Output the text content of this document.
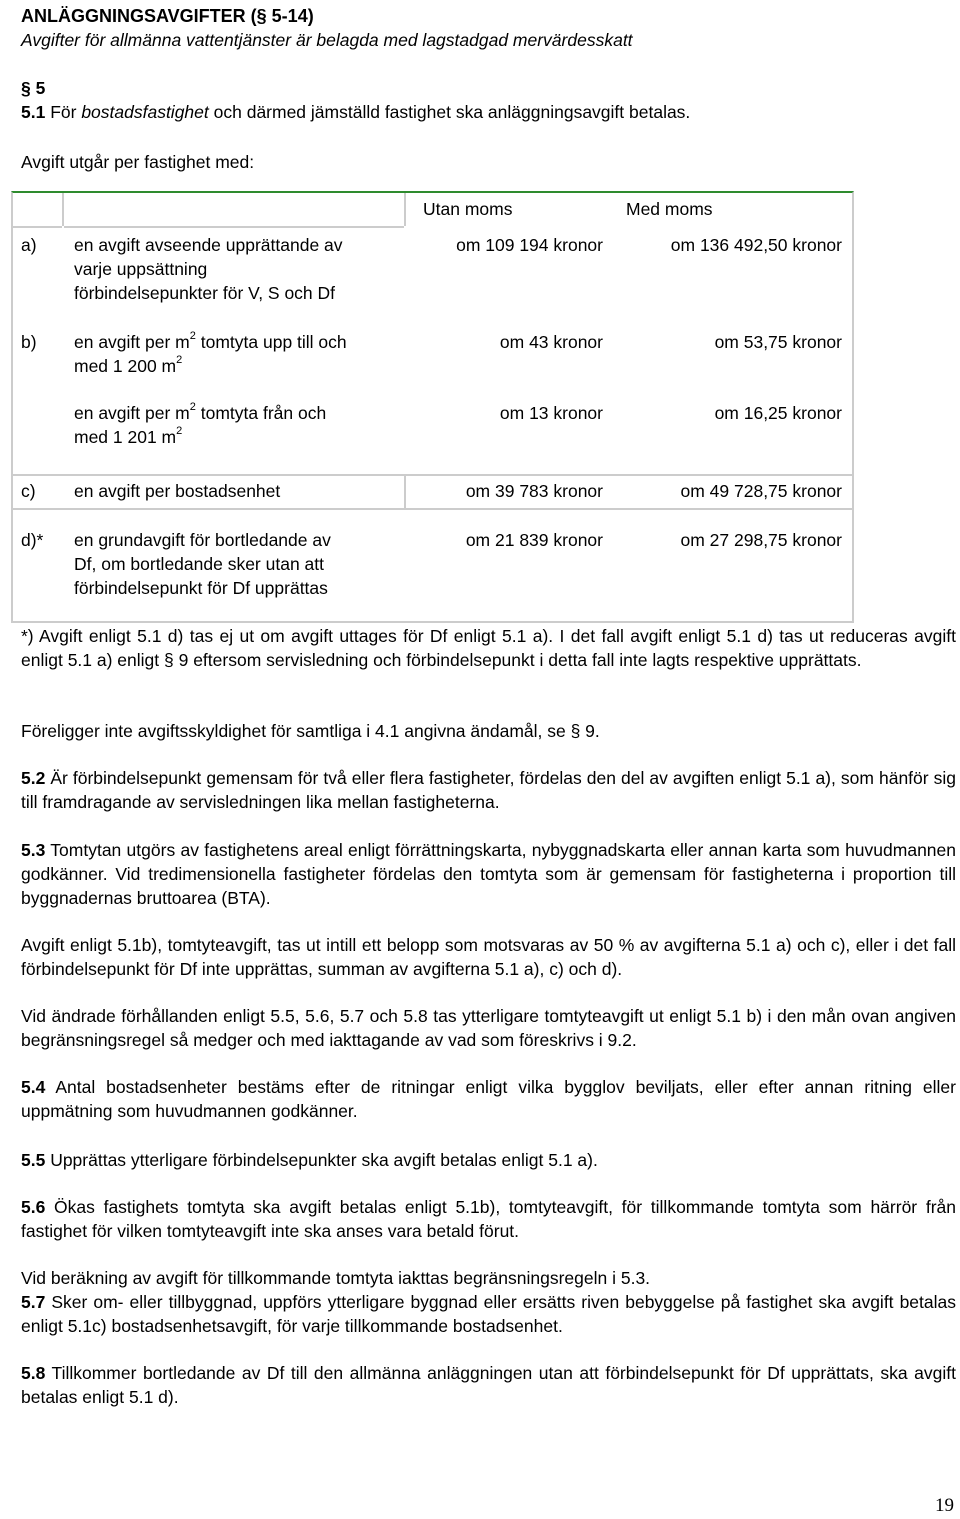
ANLÄGGNINGSAVGIFTER (§ 5-14)

Avgifter för allmänna vattentjänster är belagda med lagstadgad mervärdesskatt

§ 5

5.1 För bostadsfastighet och därmed jämställd fastighet ska anläggningsavgift betalas.

Avgift utgår per fastighet med:

Utan moms	Med moms
a) en avgift avseende upprättande av
varje uppsättning
förbindelsepunkter för V, S och Df
om 109 194 kronor	om 136 492,50 kronor
b) en avgift per $m^2$ tomtyta upp till och
med 1 200 $m^2$
om 43 kronor	om 53,75 kronor
en avgift per $m^2$ tomtyta från och
med 1 201 $m^2$
om 13 kronor	om 16,25 kronor
c) en avgift per bostadsenhet	om 39 783 kronor	om 49 728,75 kronor
d)* en grundavgift för bortledande av
Df, om bortledande sker utan att
förbindelsepunkt för Df upprättas
om 21 839 kronor	om 27 298,75 kronor

*) Avgift enligt 5.1 d) tas ej ut om avgift uttages för Df enligt 5.1 a). I det fall avgift enligt 5.1 d) tas ut reduceras avgift enligt 5.1 a) enligt § 9 eftersom servisledning och förbindelsepunkt i detta fall inte lagts respektive upprättats.

Föreligger inte avgiftsskyldighet för samtliga i 4.1 angivna ändamål, se § 9.

5.2 Är förbindelsepunkt gemensam för två eller flera fastigheter, fördelas den del av avgiften enligt 5.1 a), som hänför sig till framdragande av servisledningen lika mellan fastigheterna.

5.3 Tomtytan utgörs av fastighetens areal enligt förrättningskarta, nybyggnadskarta eller annan karta som huvudmannen godkänner. Vid tredimensionella fastigheter fördelas den tomtyta som är gemensam för fastigheterna i proportion till byggnadernas bruttoarea (BTA).

Avgift enligt 5.1b), tomtyteavgift, tas ut intill ett belopp som motsvaras av 50 % av avgifterna 5.1 a) och c), eller i det fall förbindelsepunkt för Df inte upprättas, summan av avgifterna 5.1 a), c) och d).

Vid ändrade förhållanden enligt 5.5, 5.6, 5.7 och 5.8 tas ytterligare tomtyteavgift ut enligt 5.1 b) i den mån ovan angiven begränsningsregel så medger och med iakttagande av vad som föreskrivs i 9.2.

5.4 Antal bostadsenheter bestäms efter de ritningar enligt vilka bygglov beviljats, eller efter annan ritning eller uppmätning som huvudmannen godkänner.

5.5 Upprättas ytterligare förbindelsepunkter ska avgift betalas enligt 5.1 a).

5.6 Ökas fastighets tomtyta ska avgift betalas enligt 5.1b), tomtyteavgift, för tillkommande tomtyta som härrör från fastighet för vilken tomtyteavgift inte ska anses vara betald förut.

Vid beräkning av avgift för tillkommande tomtyta iakttas begränsningsregeln i 5.3.

5.7 Sker om- eller tillbyggnad, uppförs ytterligare byggnad eller ersätts riven bebyggelse på fastighet ska avgift betalas enligt 5.1c) bostadsenhetsavgift, för varje tillkommande bostadsenhet.

5.8 Tillkommer bortledande av Df till den allmänna anläggningen utan att förbindelsepunkt för Df upprättats, ska avgift betalas enligt 5.1 d).

19
